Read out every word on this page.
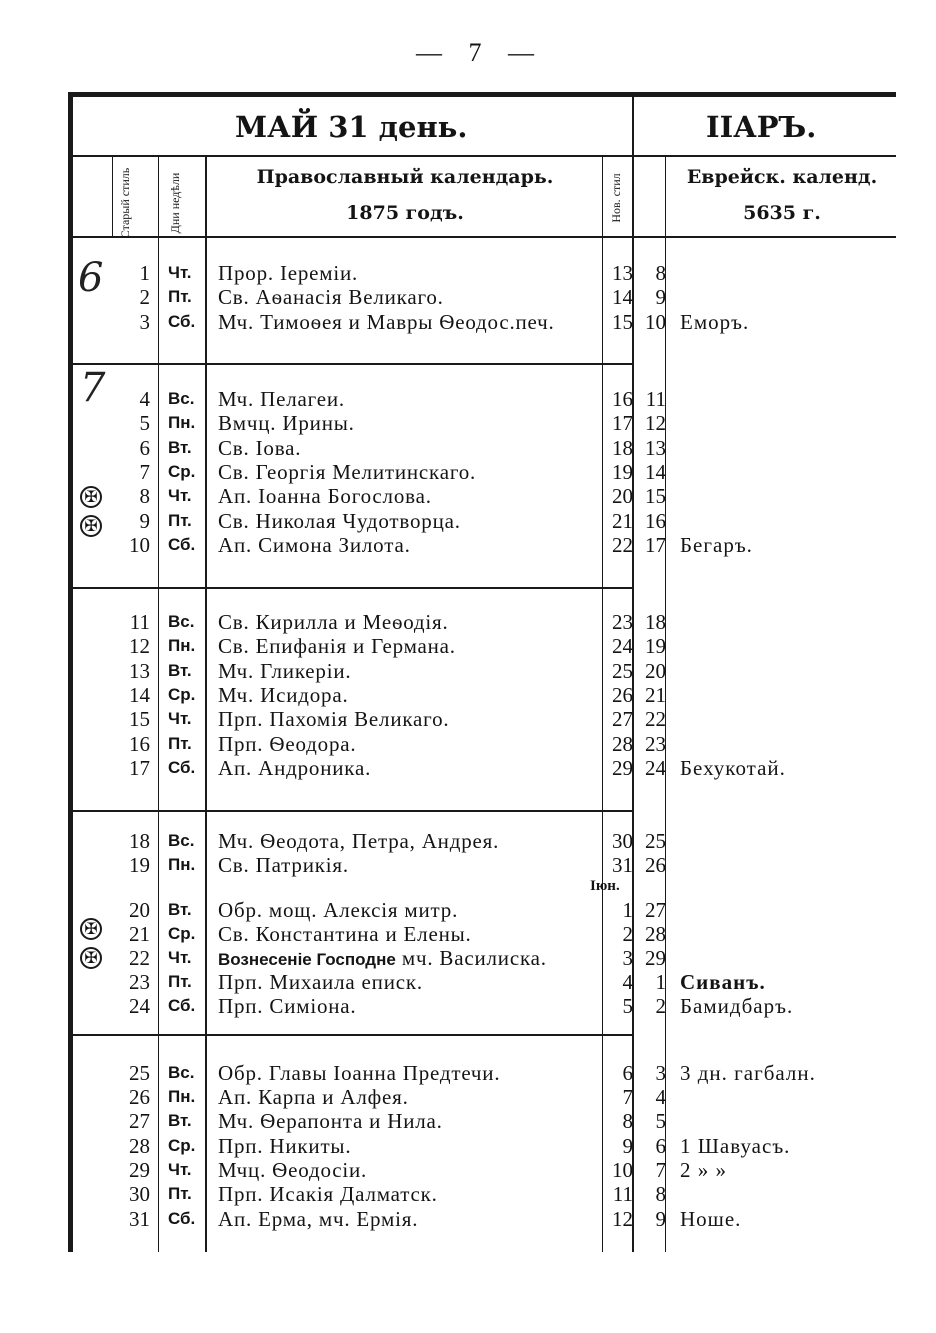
— 7 —
МАЙ 31 день.	IIАРЪ.
Старый стиль	Дни недѣли	Нов. стил
Православный календарь.
1875 годъ.
Еврейск. календ.
5635 г.
6
7
✠
✠
✠
✠
Іюн.
1 Чт.	Прор. Іереміи.	13	8
2 Пт.	Св. Аѳанасія Великаго.	14	9
3 Сб.	Мч. Тимоѳея и Мавры Ѳеодос.печ.	15 10 Еморъ.
4 Вс.	Мч. Пелагеи.	16 11
5 Пн.	Вмчц. Ирины.	17 12
6 Вт.	Св. Іова.	18 13
7 Ср.	Св. Георгія Мелитинскаго.	19 14
8 Чт.	Ап. Іоанна Богослова.	20 15
9 Пт.	Св. Николая Чудотворца.	21 16
10 Сб.	Ап. Симона Зилота.	22 17 Бегаръ.
11 Вс.	Св. Кирилла и Меѳодія.	23 18
12 Пн.	Св. Епифанія и Германа.	24 19
13 Вт.	Мч. Гликеріи.	25 20
14 Ср.	Мч. Исидора.	26 21
15 Чт.	Прп. Пахомія Великаго.	27 22
16 Пт.	Прп. Ѳеодора.	28 23
17 Сб.	Ап. Андроника.	29 24 Бехукотай.
18 Вс.	Мч. Ѳеодота, Петра, Андрея.	30 25
19 Пн.	Св. Патрикія.	31 26
20 Вт.	Обр. мощ. Алексія митр.	1 27
21 Ср.	Св. Константина и Елены.	2 28
22 Чт.	Вознесеніе Господне мч. Василиска.	3 29
23 Пт.	Прп. Михаила еписк.	4	1 Сиванъ.
24 Сб.	Прп. Симіона.	5	2 Бамидбаръ.
25 Вс.	Обр. Главы Іоанна Предтечи.	6	3 3 дн. гагбалн.
26 Пн.	Ап. Карпа и Алфея.	7	4
27 Вт.	Мч. Ѳерапонта и Нила.	8	5
28 Ср.	Прп. Никиты.	9	6 1 Шавуасъ.
29 Чт.	Мчц. Ѳеодосіи.	10	7 2 » »
30 Пт.	Прп. Исакія Далматск.	11	8
31 Сб.	Ап. Ерма, мч. Ермія.	12	9 Ноше.
